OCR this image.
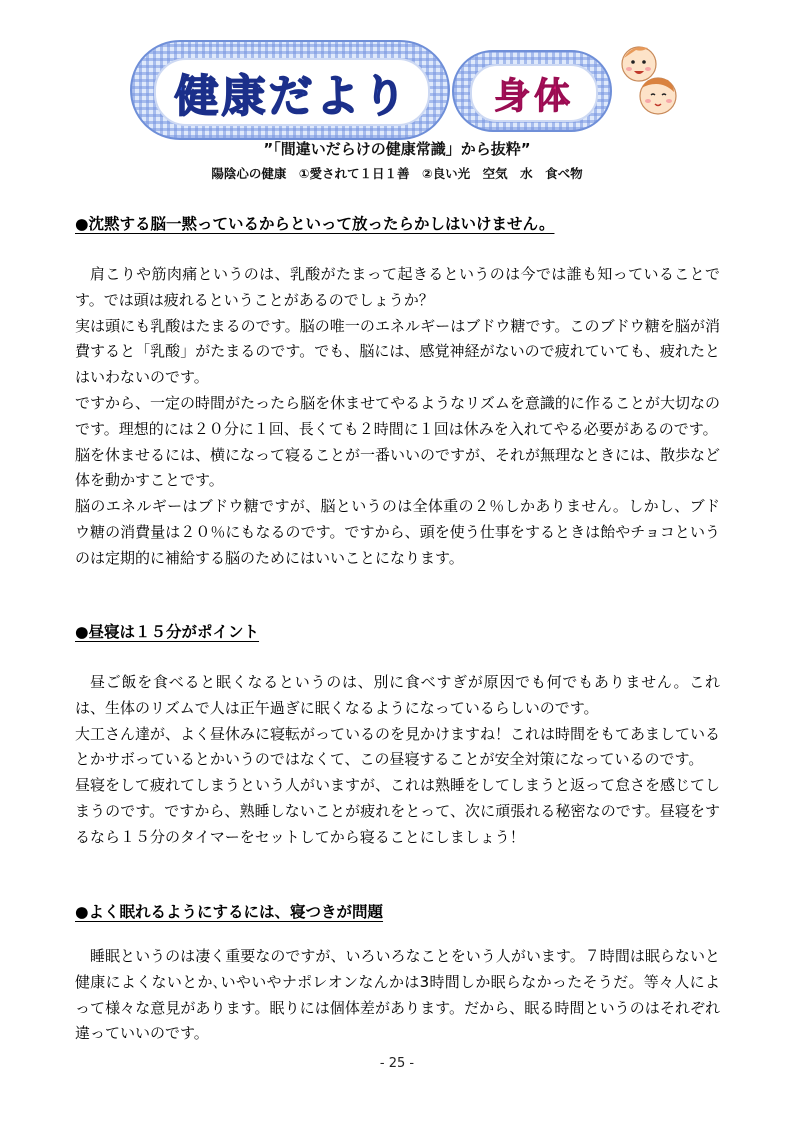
健康だより 身体
”「間違いだらけの健康常識」から抜粋”
陽陰心の健康　①愛されて１日１善　②良い光　空気　水　食べ物
●沈黙する脳一黙っているからといって放ったらかしはいけません。

肩こりや筋肉痛というのは、乳酸がたまって起きるというのは今では誰も知っていることです。では頭は疲れるということがあるのでしょうか？

実は頭にも乳酸はたまるのです。脳の唯一のエネルギーはブドウ糖です。このブドウ糖を脳が消費すると「乳酸」がたまるのです。でも、脳には、感覚神経がないので疲れていても、疲れたとはいわないのです。

ですから、一定の時間がたったら脳を休ませてやるようなリズムを意識的に作ることが大切なのです。理想的には２０分に１回、長くても２時間に１回は休みを入れてやる必要があるのです。

脳を休ませるには、横になって寝ることが一番いいのですが、それが無理なときには、散歩など体を動かすことです。

脳のエネルギーはブドウ糖ですが、脳というのは全体重の２％しかありません。しかし、ブドウ糖の消費量は２０％にもなるのです。ですから、頭を使う仕事をするときは飴やチョコというのは定期的に補給する脳のためにはいいことになります。

●昼寝は１５分がポイント

昼ご飯を食べると眠くなるというのは、別に食べすぎが原因でも何でもありません。これは、生体のリズムで人は正午過ぎに眠くなるようになっているらしいのです。

大工さん達が、よく昼休みに寝転がっているのを見かけますね！これは時間をもてあましているとかサボっているとかいうのではなくて、この昼寝することが安全対策になっているのです。

昼寝をして疲れてしまうという人がいますが、これは熟睡をしてしまうと返って怠さを感じてしまうのです。ですから、熟睡しないことが疲れをとって、次に頑張れる秘密なのです。昼寝をするなら１５分のタイマーをセットしてから寝ることにしましょう！

●よく眠れるようにするには、寝つきが問題

睡眠というのは凄く重要なのですが、いろいろなことをいう人がいます。７時間は眠らないと健康によくないとか､いやいやナポレオンなんかは3時間しか眠らなかったそうだ。等々人によって様々な意見があります。眠りには個体差があります。だから、眠る時間というのはそれぞれ違っていいのです。

- 25 -
